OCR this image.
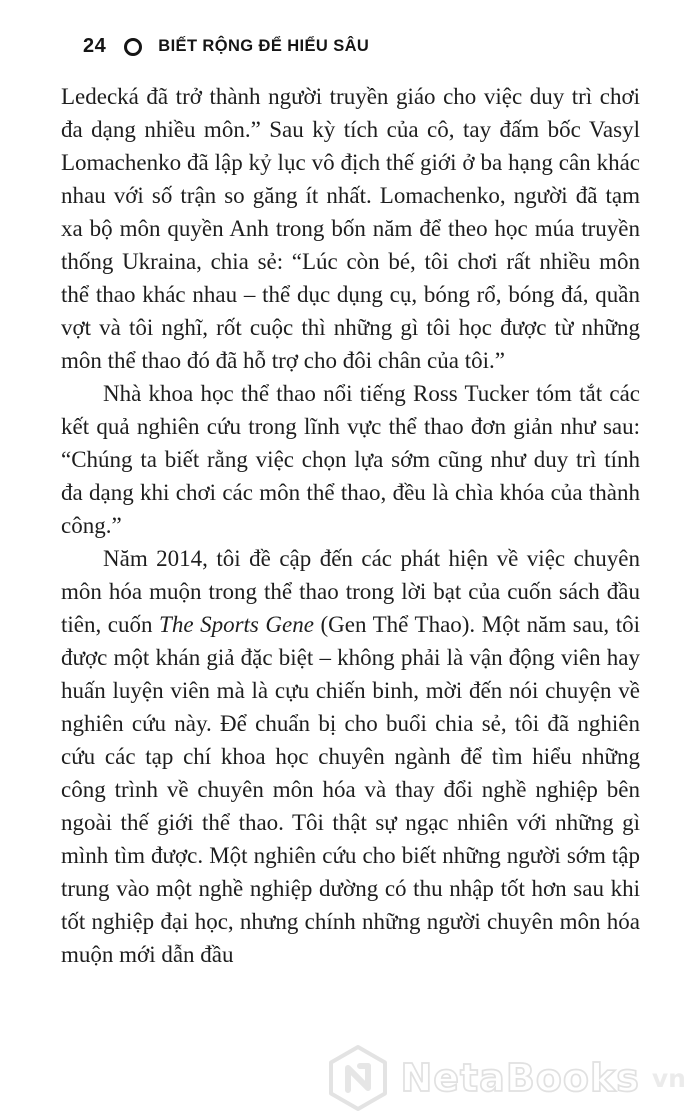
24	BIẾT RỘNG ĐỂ HIỂU SÂU
NetaBooks vn

Ledecká đã trở thành người truyền giáo cho việc duy trì chơi đa dạng nhiều môn.” Sau kỳ tích của cô, tay đấm bốc Vasyl Lomachenko đã lập kỷ lục vô địch thế giới ở ba hạng cân khác nhau với số trận so găng ít nhất. Lomachenko, người đã tạm xa bộ môn quyền Anh trong bốn năm để theo học múa truyền thống Ukraina, chia sẻ: “Lúc còn bé, tôi chơi rất nhiều môn thể thao khác nhau – thể dục dụng cụ, bóng rổ, bóng đá, quần vợt và tôi nghĩ, rốt cuộc thì những gì tôi học được từ những môn thể thao đó đã hỗ trợ cho đôi chân của tôi.”

Nhà khoa học thể thao nổi tiếng Ross Tucker tóm tắt các kết quả nghiên cứu trong lĩnh vực thể thao đơn giản như sau: “Chúng ta biết rằng việc chọn lựa sớm cũng như duy trì tính đa dạng khi chơi các môn thể thao, đều là chìa khóa của thành công.”

Năm 2014, tôi đề cập đến các phát hiện về việc chuyên môn hóa muộn trong thể thao trong lời bạt của cuốn sách đầu tiên, cuốn The Sports Gene (Gen Thể Thao). Một năm sau, tôi được một khán giả đặc biệt – không phải là vận động viên hay huấn luyện viên mà là cựu chiến binh, mời đến nói chuyện về nghiên cứu này. Để chuẩn bị cho buổi chia sẻ, tôi đã nghiên cứu các tạp chí khoa học chuyên ngành để tìm hiểu những công trình về chuyên môn hóa và thay đổi nghề nghiệp bên ngoài thế giới thể thao. Tôi thật sự ngạc nhiên với những gì mình tìm được. Một nghiên cứu cho biết những người sớm tập trung vào một nghề nghiệp dường có thu nhập tốt hơn sau khi tốt nghiệp đại học, nhưng chính những người chuyên môn hóa muộn mới dẫn đầu
